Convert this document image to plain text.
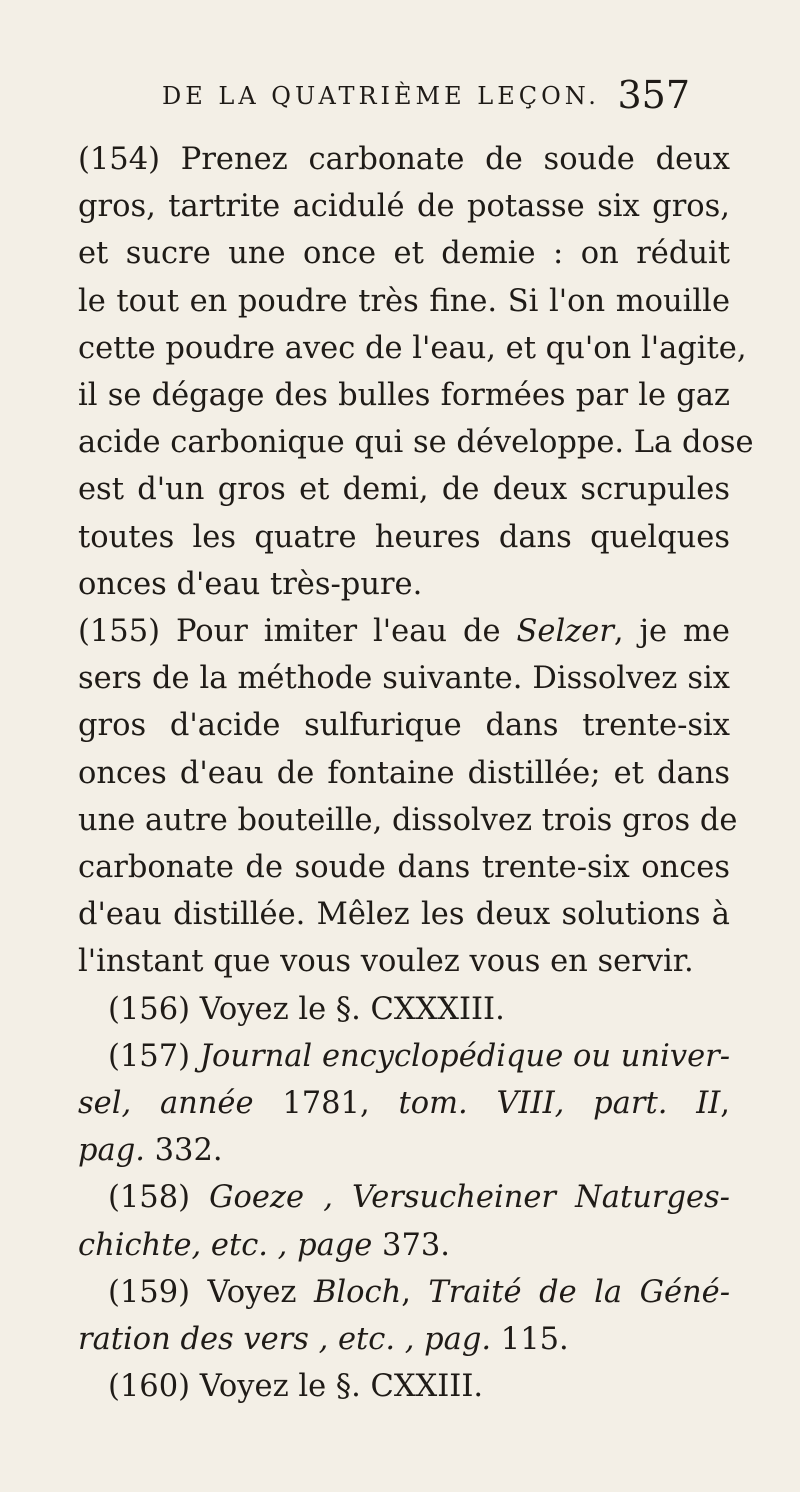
DE LA QUATRIÈME LEÇON. 357
(154) Prenez carbonate de soude deux
gros, tartrite acidulé de potasse six gros,
et sucre une once et demie : on réduit
le tout en poudre très fine. Si l'on mouille
cette poudre avec de l'eau, et qu'on l'agite,
il se dégage des bulles formées par le gaz
acide carbonique qui se développe. La dose
est d'un gros et demi, de deux scrupules
toutes les quatre heures dans quelques
onces d'eau très-pure.
(155) Pour imiter l'eau de Selzer, je me
sers de la méthode suivante. Dissolvez six
gros d'acide sulfurique dans trente-six
onces d'eau de fontaine distillée; et dans
une autre bouteille, dissolvez trois gros de
carbonate de soude dans trente-six onces
d'eau distillée. Mêlez les deux solutions à
l'instant que vous voulez vous en servir.
(156) Voyez le §. CXXXIII.
(157) Journal encyclopédique ou univer-
sel, année 1781, tom. VIII, part. II,
pag. 332.
(158) Goeze , Versucheiner Naturges-
chichte, etc. , page 373.
(159) Voyez Bloch, Traité de la Géné-
ration des vers , etc. , pag. 115.
(160) Voyez le §. CXXIII.
